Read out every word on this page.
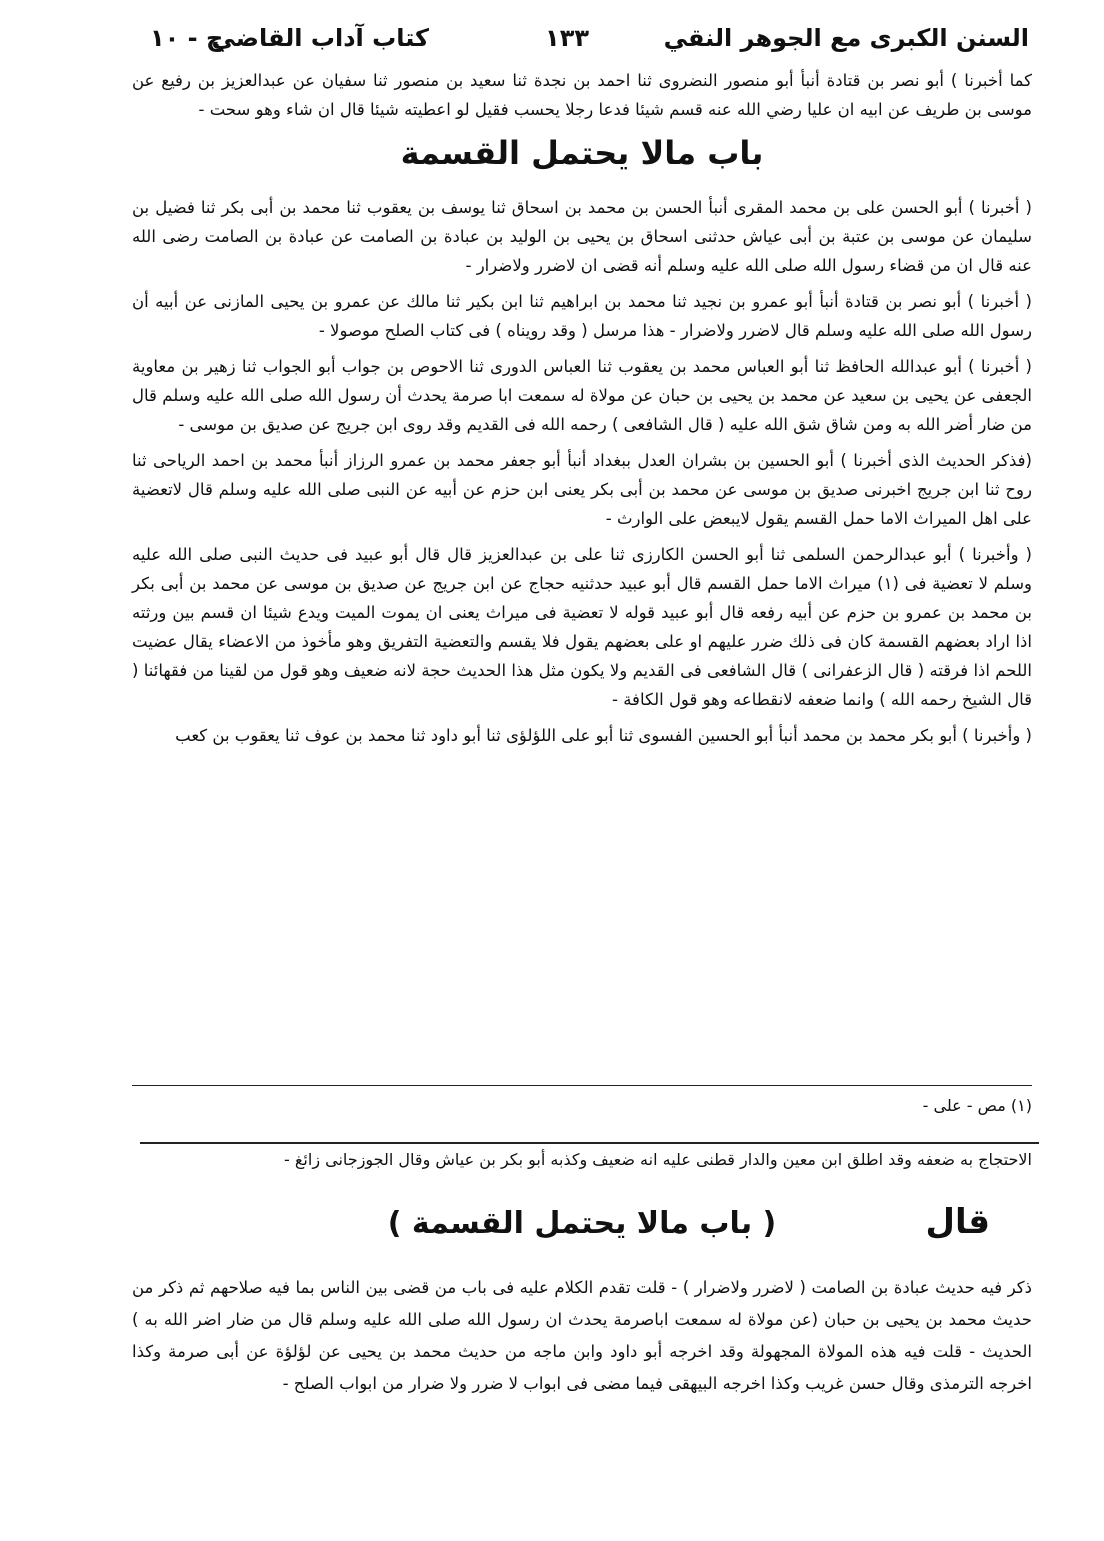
السنن الكبرى مع الجوهر النقي
١٣٣
كتاب آداب القاضي
ج - ١٠

كما أخبرنا ) أبو نصر بن قتادة أنبأ أبو منصور النضروى ثنا احمد بن نجدة ثنا سعيد بن منصور ثنا سفيان عن عبدالعزيز بن رفيع عن موسى بن طريف عن ابيه ان عليا رضي الله عنه قسم شيئا فدعا رجلا يحسب فقيل لو اعطيته شيئا قال ان شاء وهو سحت -

باب مالا يحتمل القسمة

( أخبرنا ) أبو الحسن على بن محمد المقرى أنبأ الحسن بن محمد بن اسحاق ثنا يوسف بن يعقوب ثنا محمد بن أبى بكر ثنا فضيل بن سليمان عن موسى بن عتبة بن أبى عياش حدثنى اسحاق بن يحيى بن الوليد بن عبادة بن الصامت عن عبادة بن الصامت رضى الله عنه قال ان من قضاء رسول الله صلى الله عليه وسلم أنه قضى ان لاضرر ولاضرار -

( أخبرنا ) أبو نصر بن قتادة أنبأ أبو عمرو بن نجيد ثنا محمد بن ابراهيم ثنا ابن بكير ثنا مالك عن عمرو بن يحيى المازنى عن أبيه أن رسول الله صلى الله عليه وسلم قال لاضرر ولاضرار - هذا مرسل ( وقد رويناه ) فى كتاب الصلح موصولا -

( أخبرنا ) أبو عبدالله الحافظ ثنا أبو العباس محمد بن يعقوب ثنا العباس الدورى ثنا الاحوص بن جواب أبو الجواب ثنا زهير بن معاوية الجعفى عن يحيى بن سعيد عن محمد بن يحيى بن حبان عن مولاة له سمعت ابا صرمة يحدث أن رسول الله صلى الله عليه وسلم قال من ضار أضر الله به ومن شاق شق الله عليه ( قال الشافعى ) رحمه الله فى القديم وقد روى ابن جريج عن صديق بن موسى -

(فذكر الحديث الذى أخبرنا ) أبو الحسين بن بشران العدل ببغداد أنبأ أبو جعفر محمد بن عمرو الرزاز أنبأ محمد بن احمد الرياحى ثنا روح ثنا ابن جريج اخبرنى صديق بن موسى عن محمد بن أبى بكر يعنى ابن حزم عن أبيه عن النبى صلى الله عليه وسلم قال لاتعضية على اهل الميراث الاما حمل القسم يقول لايبعض على الوارث -

( وأخبرنا ) أبو عبدالرحمن السلمى ثنا أبو الحسن الكارزى ثنا على بن عبدالعزيز قال قال أبو عبيد فى حديث النبى صلى الله عليه وسلم لا تعضية فى (١) ميراث الاما حمل القسم قال أبو عبيد حدثنيه حجاج عن ابن جريج عن صديق بن موسى عن محمد بن أبى بكر بن محمد بن عمرو بن حزم عن أبيه رفعه قال أبو عبيد قوله لا تعضية فى ميراث يعنى ان يموت الميت ويدع شيئا ان قسم بين ورثته اذا اراد بعضهم القسمة كان فى ذلك ضرر عليهم او على بعضهم يقول فلا يقسم والتعضية التفريق وهو مأخوذ من الاعضاء يقال عضيت اللحم اذا فرقته ( قال الزعفرانى ) قال الشافعى فى القديم ولا يكون مثل هذا الحديث حجة لانه ضعيف وهو قول من لقينا من فقهائنا ( قال الشيخ رحمه الله ) وانما ضعفه لانقطاعه وهو قول الكافة -

( وأخبرنا ) أبو بكر محمد بن محمد أنبأ أبو الحسين الفسوى ثنا أبو على اللؤلؤى ثنا أبو داود ثنا محمد بن عوف ثنا يعقوب بن كعب

(١) مص - على -
الاحتجاج به ضعفه وقد اطلق ابن معين والدار قطنى عليه انه ضعيف وكذبه أبو بكر بن عياش وقال الجوزجانى زائغ -
قال
( باب مالا يحتمل القسمة )
ذكر فيه حديث عبادة بن الصامت ( لاضرر ولاضرار ) - قلت تقدم الكلام عليه فى باب من قضى بين الناس بما فيه صلاحهم ثم ذكر من حديث محمد بن يحيى بن حبان (عن مولاة له سمعت اباصرمة يحدث ان رسول الله صلى الله عليه وسلم قال من ضار اضر الله به ) الحديث - قلت فيه هذه المولاة المجهولة وقد اخرجه أبو داود وابن ماجه من حديث محمد بن يحيى عن لؤلؤة عن أبى صرمة وكذا اخرجه الترمذى وقال حسن غريب وكذا اخرجه البيهقى فيما مضى فى ابواب لا ضرر ولا ضرار من ابواب الصلح -
